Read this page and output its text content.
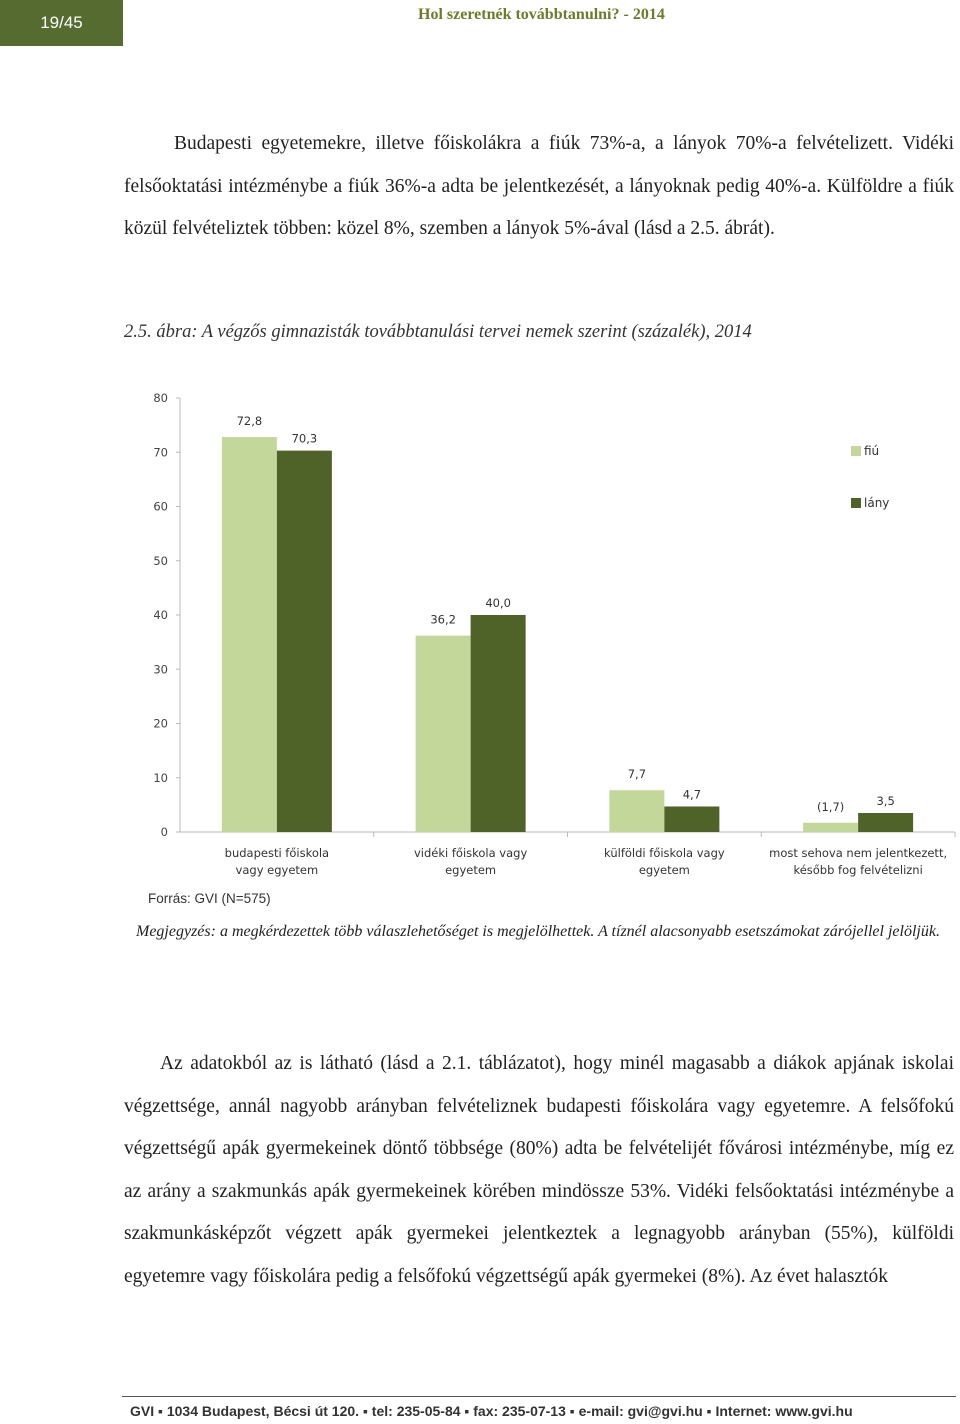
19/45	Hol szeretnék továbbtanulni? - 2014
Budapesti egyetemekre, illetve főiskolákra a fiúk 73%-a, a lányok 70%-a felvételizett. Vidéki felsőoktatási intézménybe a fiúk 36%-a adta be jelentkezését, a lányoknak pedig 40%-a. Külföldre a fiúk közül felvételiztek többen: közel 8%, szemben a lányok 5%-ával (lásd a 2.5. ábrát).
2.5. ábra: A végzős gimnazisták továbbtanulási tervei nemek szerint (százalék), 2014
0
10
20
30
40
50
60
70
80
72,8
70,3
budapesti főiskola
vagy egyetem
36,2
40,0
vidéki főiskola vagy
egyetem
7,7
4,7
külföldi főiskola vagy
egyetem
(1,7)	3,5
most sehova nem jelentkezett,
később fog felvételizni
fiú
lány
Forrás: GVI (N=575)
Megjegyzés: a megkérdezettek több válaszlehetőséget is megjelölhettek. A tíznél alacsonyabb esetszámokat zárójellel jelöljük.
Az adatokból az is látható (lásd a 2.1. táblázatot), hogy minél magasabb a diákok apjának iskolai végzettsége, annál nagyobb arányban felvételiznek budapesti főiskolára vagy egyetemre. A felsőfokú végzettségű apák gyermekeinek döntő többsége (80%) adta be felvételijét fővárosi intézménybe, míg ez az arány a szakmunkás apák gyermekeinek körében mindössze 53%. Vidéki felsőoktatási intézménybe a szakmunkásképzőt végzett apák gyermekei jelentkeztek a legnagyobb arányban (55%), külföldi egyetemre vagy főiskolára pedig a felsőfokú végzettségű apák gyermekei (8%). Az évet halasztók
GVI ▪ 1034 Budapest, Bécsi út 120. ▪ tel: 235-05-84 ▪ fax: 235-07-13 ▪ e-mail: gvi@gvi.hu ▪ Internet: www.gvi.hu
